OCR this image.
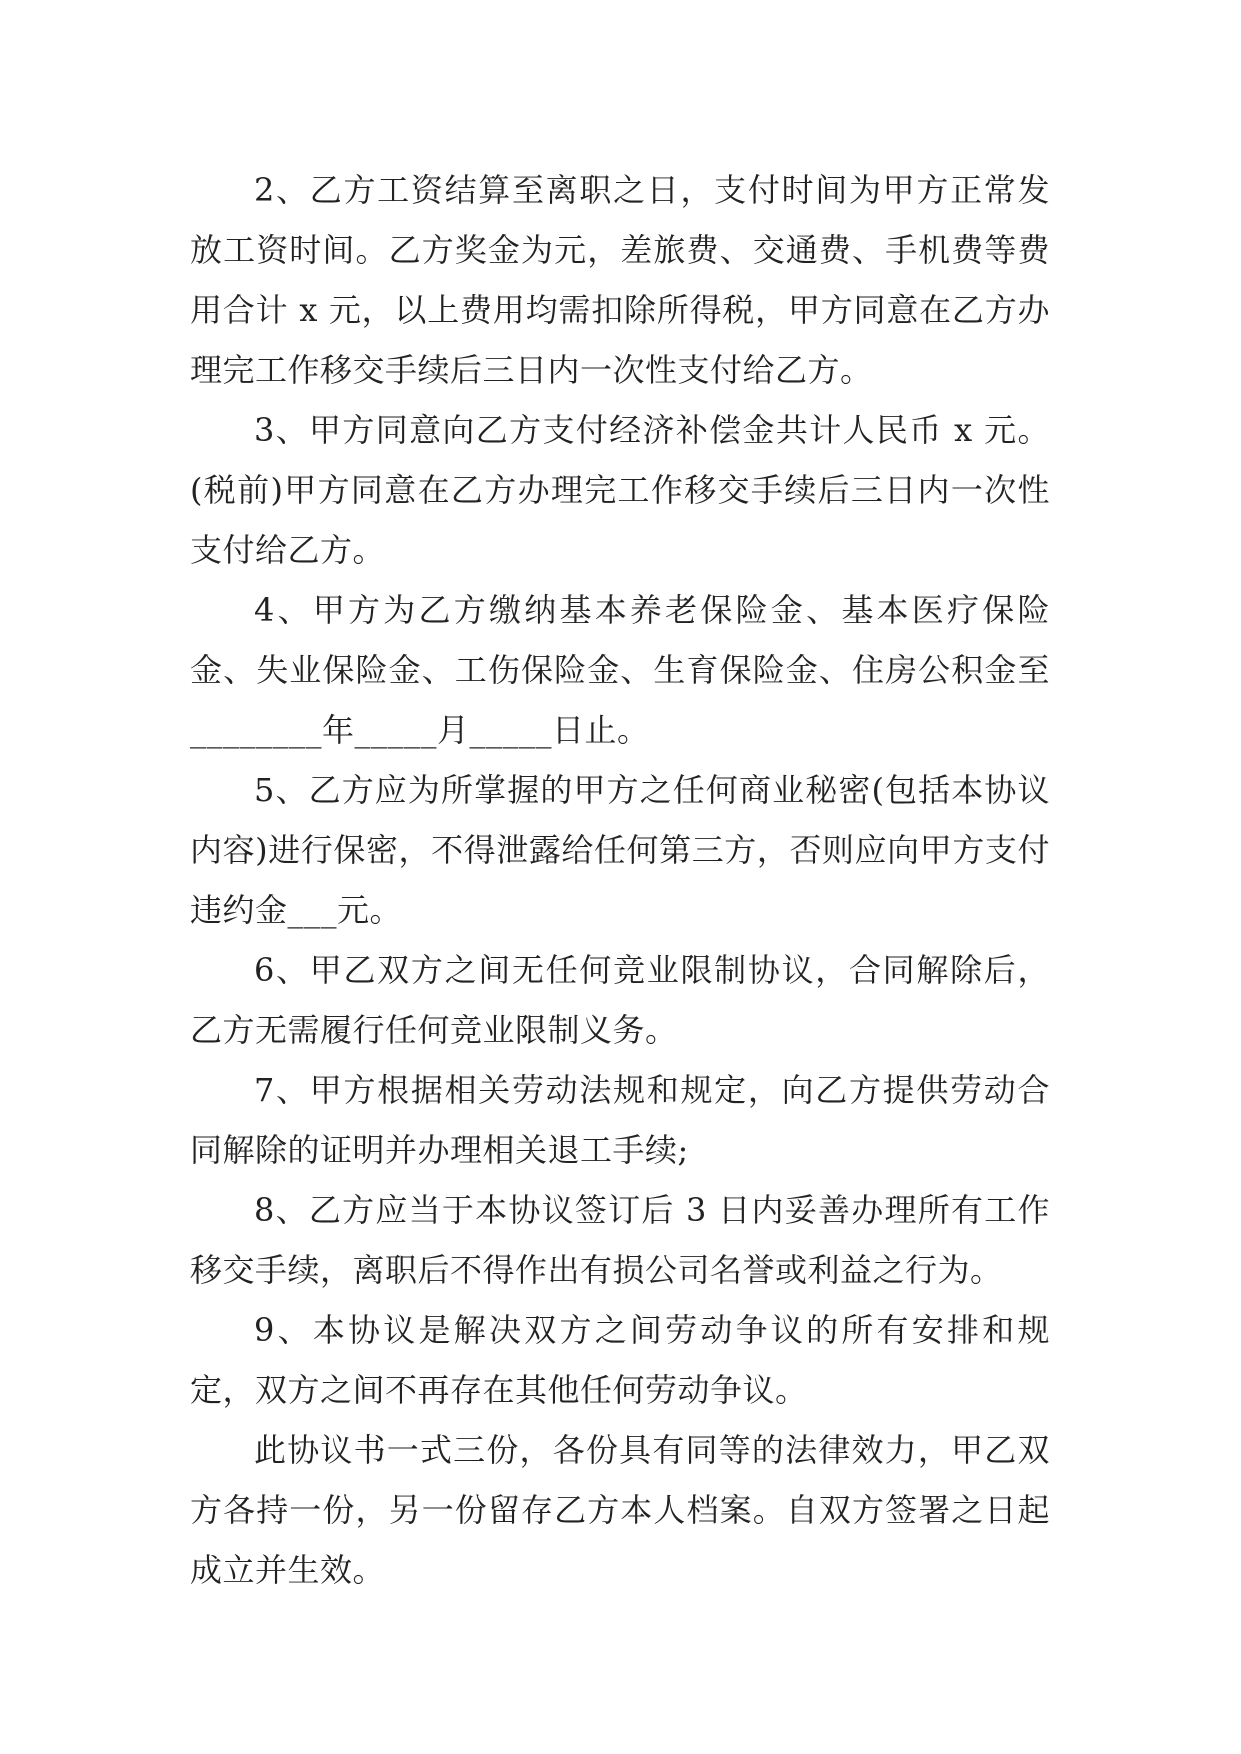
2、乙方工资结算至离职之日，支付时间为甲方正常发放工资时间。乙方奖金为元，差旅费、交通费、手机费等费用合计 x 元，以上费用均需扣除所得税，甲方同意在乙方办理完工作移交手续后三日内一次性支付给乙方。

3、甲方同意向乙方支付经济补偿金共计人民币 x 元。(税前)甲方同意在乙方办理完工作移交手续后三日内一次性支付给乙方。

4、甲方为乙方缴纳基本养老保险金、基本医疗保险金、失业保险金、工伤保险金、生育保险金、住房公积金至________年_____月_____日止。

5、乙方应为所掌握的甲方之任何商业秘密(包括本协议内容)进行保密，不得泄露给任何第三方，否则应向甲方支付违约金___元。

6、甲乙双方之间无任何竞业限制协议，合同解除后，乙方无需履行任何竞业限制义务。

7、甲方根据相关劳动法规和规定，向乙方提供劳动合同解除的证明并办理相关退工手续;

8、乙方应当于本协议签订后 3 日内妥善办理所有工作移交手续，离职后不得作出有损公司名誉或利益之行为。

9、本协议是解决双方之间劳动争议的所有安排和规定，双方之间不再存在其他任何劳动争议。

此协议书一式三份，各份具有同等的法律效力，甲乙双方各持一份，另一份留存乙方本人档案。自双方签署之日起成立并生效。
